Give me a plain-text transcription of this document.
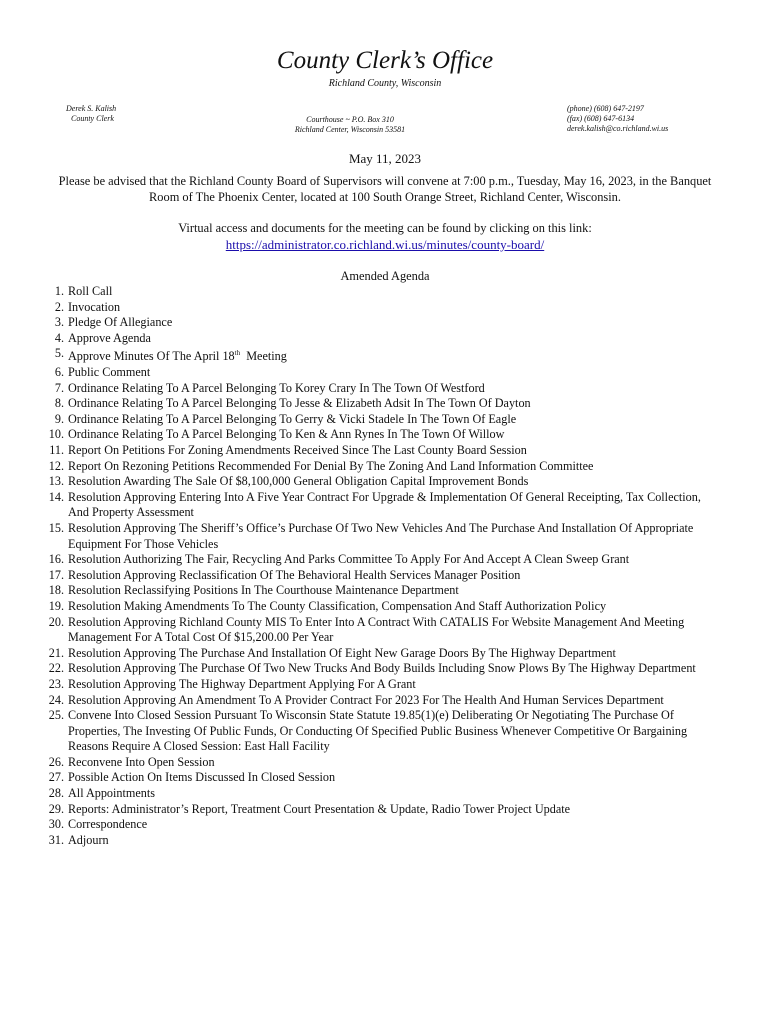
County Clerk’s Office
Richland County, Wisconsin
Derek S. Kalish
County Clerk	Courthouse ~ P.O. Box 310
Richland Center, Wisconsin 53581
(phone) (608) 647-2197
(fax) (608) 647-6134
derek.kalish@co.richland.wi.us
May 11, 2023
Please be advised that the Richland County Board of Supervisors will convene at 7:00 p.m., Tuesday, May 16, 2023, in the Banquet Room of The Phoenix Center, located at 100 South Orange Street, Richland Center, Wisconsin.
Virtual access and documents for the meeting can be found by clicking on this link:
https://administrator.co.richland.wi.us/minutes/county-board/
Amended Agenda
1. Roll Call
2. Invocation
3. Pledge Of Allegiance
4. Approve Agenda
5. Approve Minutes Of The April 18th  Meeting
6. Public Comment
7. Ordinance Relating To A Parcel Belonging To Korey Crary In The Town Of Westford
8. Ordinance Relating To A Parcel Belonging To Jesse & Elizabeth Adsit In The Town Of Dayton
9. Ordinance Relating To A Parcel Belonging To Gerry & Vicki Stadele In The Town Of Eagle
10. Ordinance Relating To A Parcel Belonging To Ken & Ann Rynes In The Town Of Willow
11. Report On Petitions For Zoning Amendments Received Since The Last County Board Session
12. Report On Rezoning Petitions Recommended For Denial By The Zoning And Land Information Committee
13. Resolution Awarding The Sale Of $8,100,000 General Obligation Capital Improvement Bonds
14. Resolution Approving Entering Into A Five Year Contract For Upgrade & Implementation Of General Receipting, Tax Collection, And Property Assessment
15. Resolution Approving The Sheriff’s Office’s Purchase Of Two New Vehicles And The Purchase And Installation Of Appropriate Equipment For Those Vehicles
16. Resolution Authorizing The Fair, Recycling And Parks Committee To Apply For And Accept A Clean Sweep Grant
17. Resolution Approving Reclassification Of The Behavioral Health Services Manager Position
18. Resolution Reclassifying Positions In The Courthouse Maintenance Department
19. Resolution Making Amendments To The County Classification, Compensation And Staff Authorization Policy
20. Resolution Approving Richland County MIS To Enter Into A Contract With CATALIS For Website Management And Meeting Management For A Total Cost Of $15,200.00 Per Year
21. Resolution Approving The Purchase And Installation Of Eight New Garage Doors By The Highway Department
22. Resolution Approving The Purchase Of Two New Trucks And Body Builds Including Snow Plows By The Highway Department
23. Resolution Approving The Highway Department Applying For A Grant
24. Resolution Approving An Amendment To A Provider Contract For 2023 For The Health And Human Services Department
25. Convene Into Closed Session Pursuant To Wisconsin State Statute 19.85(1)(e) Deliberating Or Negotiating The Purchase Of Properties, The Investing Of Public Funds, Or Conducting Of Specified Public Business Whenever Competitive Or Bargaining Reasons Require A Closed Session: East Hall Facility
26. Reconvene Into Open Session
27. Possible Action On Items Discussed In Closed Session
28. All Appointments
29. Reports: Administrator’s Report, Treatment Court Presentation & Update, Radio Tower Project Update
30. Correspondence
31. Adjourn
